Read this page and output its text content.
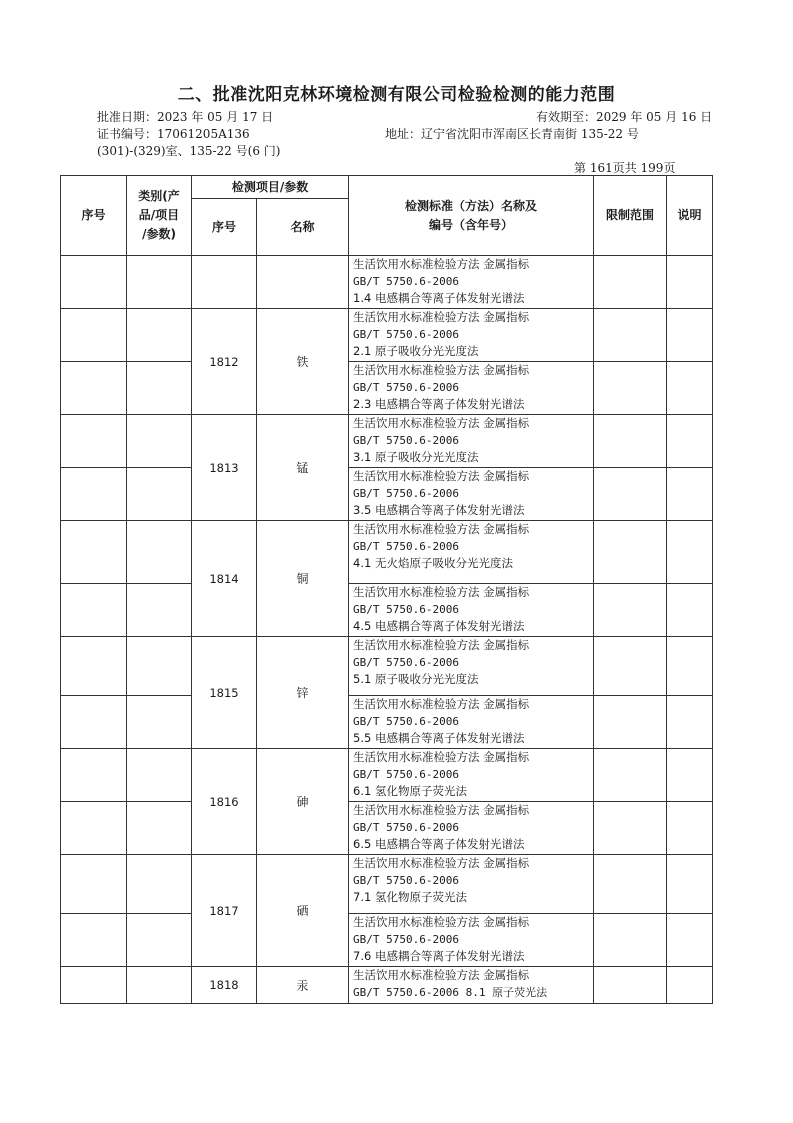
二、批准沈阳克林环境检测有限公司检验检测的能力范围
批准日期：2023 年 05 月 17 日	有效期至：2029 年 05 月 16 日
证书编号：17061205A136	地址：辽宁省沈阳市浑南区长青南街 135-22 号
(301)-(329)室、135-22 号(6 门)
第 161页共 199页
序号	类别(产
品/项目
/参数)	检测项目/参数		检测标准（方法）名称及
编号（含年号）	限制范围	说明
		序号	名称			

				生活饮用水标准检验方法 金属指标
GB/T 5750.6-2006
1.4 电感耦合等离子体发射光谱法		

		1812	铁	生活饮用水标准检验方法 金属指标
GB/T 5750.6-2006
2.1 原子吸收分光光度法		

				生活饮用水标准检验方法 金属指标
GB/T 5750.6-2006
2.3 电感耦合等离子体发射光谱法		

		1813	锰	生活饮用水标准检验方法 金属指标
GB/T 5750.6-2006
3.1 原子吸收分光光度法		

				生活饮用水标准检验方法 金属指标
GB/T 5750.6-2006
3.5 电感耦合等离子体发射光谱法		

		1814	铜	生活饮用水标准检验方法 金属指标
GB/T 5750.6-2006
4.1 无火焰原子吸收分光光度法		

				生活饮用水标准检验方法 金属指标
GB/T 5750.6-2006
4.5 电感耦合等离子体发射光谱法		

		1815	锌	生活饮用水标准检验方法 金属指标
GB/T 5750.6-2006
5.1 原子吸收分光光度法		

				生活饮用水标准检验方法 金属指标
GB/T 5750.6-2006
5.5 电感耦合等离子体发射光谱法		

		1816	砷	生活饮用水标准检验方法 金属指标
GB/T 5750.6-2006
6.1 氢化物原子荧光法		

				生活饮用水标准检验方法 金属指标
GB/T 5750.6-2006
6.5 电感耦合等离子体发射光谱法		

		1817	硒	生活饮用水标准检验方法 金属指标
GB/T 5750.6-2006
7.1 氢化物原子荧光法		

				生活饮用水标准检验方法 金属指标
GB/T 5750.6-2006
7.6 电感耦合等离子体发射光谱法		

		1818	汞	生活饮用水标准检验方法 金属指标
GB/T 5750.6-2006 8.1 原子荧光法		
